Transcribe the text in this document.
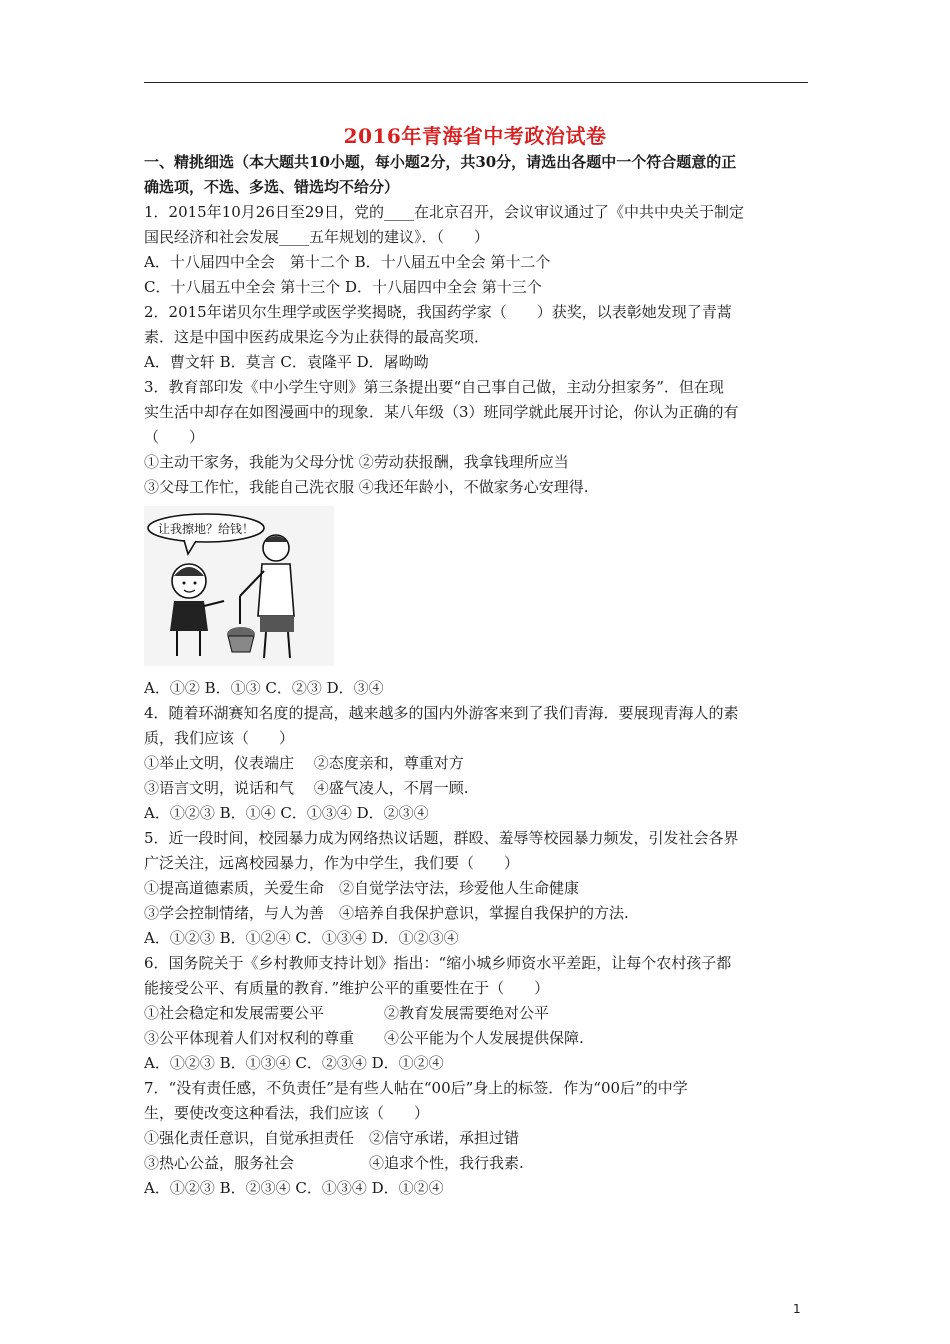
2016年青海省中考政治试卷
一、精挑细选（本大题共10小题，每小题2分，共30分，请选出各题中一个符合题意的正
确选项，不选、多选、错选均不给分）
1．2015年10月26日至29日，党的____在北京召开，会议审议通过了《中共中央关于制定
国民经济和社会发展____五年规划的建议》．（　　）
A．十八届四中全会　第十二个 B．十八届五中全会 第十二个
C．十八届五中全会 第十三个 D．十八届四中全会 第十三个
2．2015年诺贝尔生理学或医学奖揭晓，我国药学家（　　）获奖，以表彰她发现了青蒿
素．这是中国中医药成果迄今为止获得的最高奖项．
A．曹文轩 B．莫言 C．袁隆平 D．屠呦呦
3．教育部印发《中小学生守则》第三条提出要“自己事自己做，主动分担家务”．但在现
实生活中却存在如图漫画中的现象．某八年级（3）班同学就此展开讨论，你认为正确的有
（　　）
①主动干家务，我能为父母分忧 ②劳动获报酬，我拿钱理所应当
③父母工作忙，我能自己洗衣服 ④我还年龄小，不做家务心安理得.
让我擦地？给钱！
A．①② B．①③ C．②③ D．③④
4．随着环湖赛知名度的提高，越来越多的国内外游客来到了我们青海．要展现青海人的素
质，我们应该（　　）
①举止文明，仪表端庄　 ②态度亲和，尊重对方
③语言文明，说话和气　 ④盛气凌人，不屑一顾.
A．①②③ B．①④ C．①③④ D．②③④
5．近一段时间，校园暴力成为网络热议话题，群殴、羞辱等校园暴力频发，引发社会各界
广泛关注，远离校园暴力，作为中学生，我们要（　　）
①提高道德素质，关爱生命　②自觉学法守法，珍爱他人生命健康
③学会控制情绪，与人为善　④培养自我保护意识，掌握自我保护的方法.
A．①②③ B．①②④ C．①③④ D．①②③④
6．国务院关于《乡村教师支持计划》指出：“缩小城乡师资水平差距，让每个农村孩子都
能接受公平、有质量的教育．”维护公平的重要性在于（　　）
①社会稳定和发展需要公平　　　　②教育发展需要绝对公平
③公平体现着人们对权利的尊重　　④公平能为个人发展提供保障.
A．①②③ B．①③④ C．②③④ D．①②④
7．“没有责任感，不负责任”是有些人帖在“00后”身上的标签．作为“00后”的中学
生，要使改变这种看法，我们应该（　　）
①强化责任意识，自觉承担责任　②信守承诺，承担过错
③热心公益，服务社会　　　　　④追求个性，我行我素.
A．①②③ B．②③④ C．①③④ D．①②④
1
